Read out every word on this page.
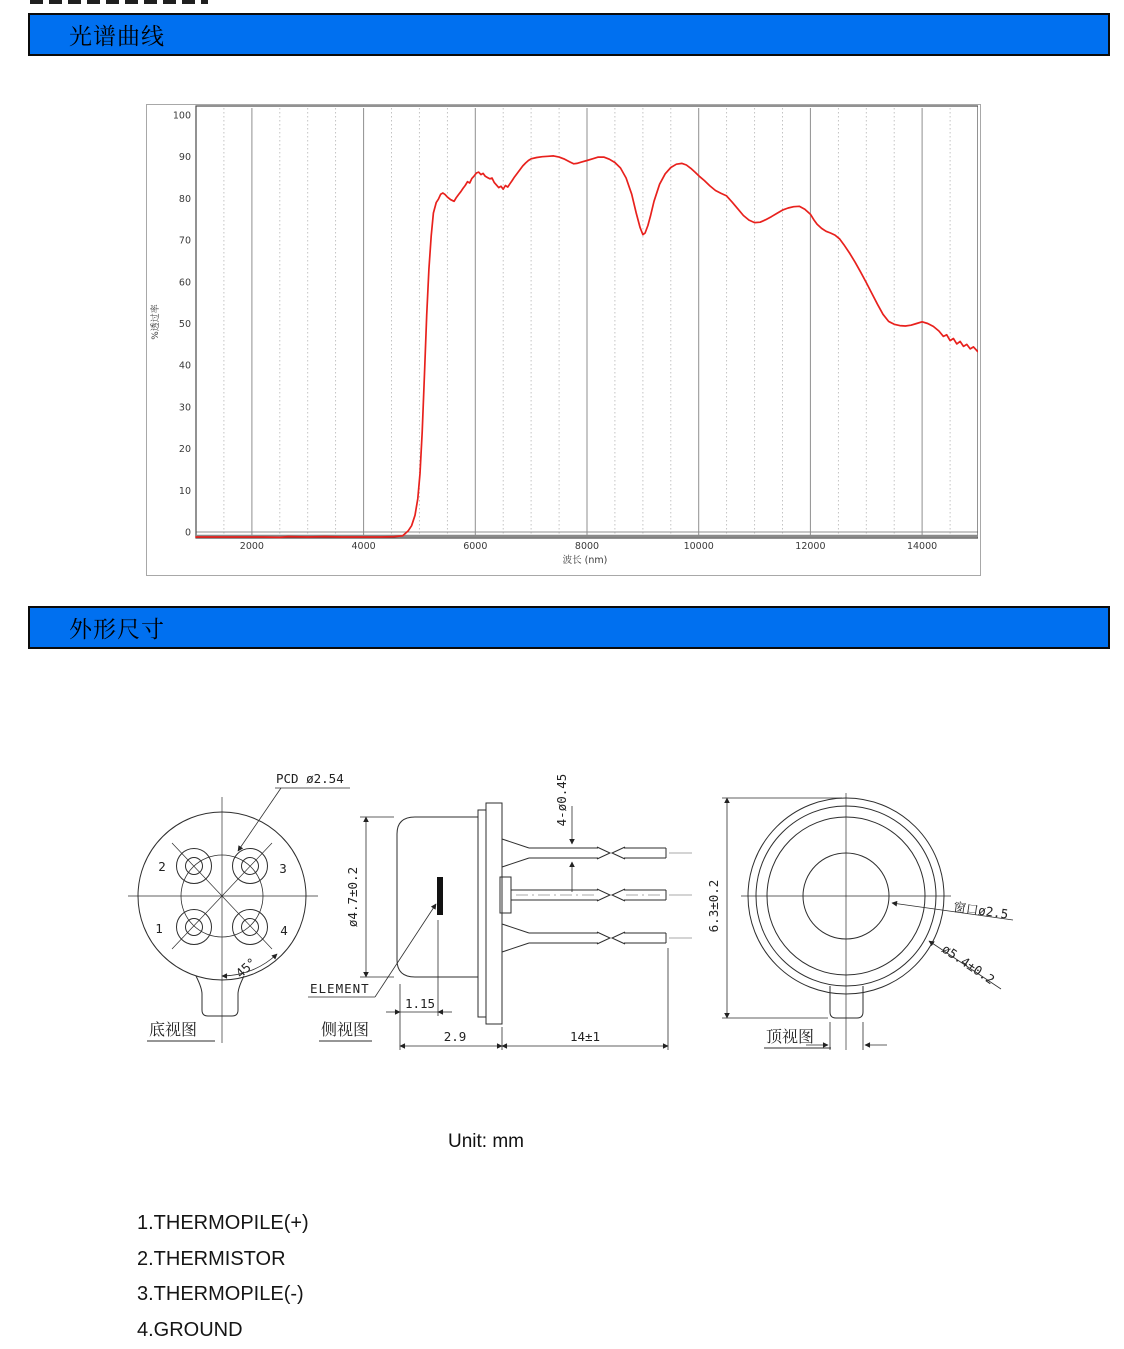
光谱曲线
2000	4000	6000	8000	10000	12000	14000
0
10
20
30
40
50
60
70
80
90
100
波长 (nm)
%透过率
外形尺寸
2	3
1	4
PCD ø2.54
45°
底视图
ELEMENT
ø4.7±0.2
4-ø0.45
1.15
2.9	14±1
侧视图
6.3±0.2	窗口ø2.5
ø5.4±0.2
顶视图
Unit: mm
1.THERMOPILE(+)
2.THERMISTOR
3.THERMOPILE(-)
4.GROUND
